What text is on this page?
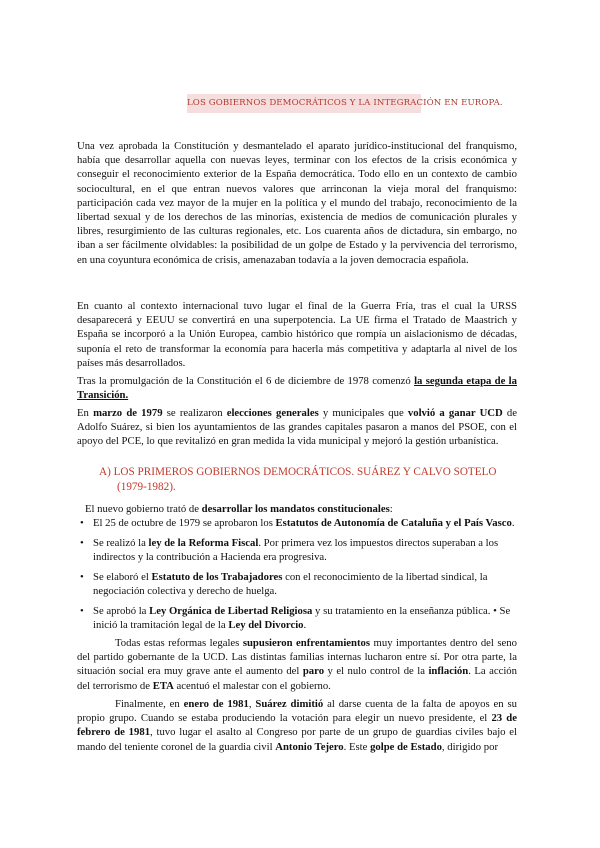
LOS GOBIERNOS DEMOCRÁTICOS Y LA INTEGRACIÓN EN EUROPA.

Una vez aprobada la Constitución y desmantelado el aparato jurídico-institucional del franquismo, había que desarrollar aquella con nuevas leyes, terminar con los efectos de la crisis económica y conseguir el reconocimiento exterior de la España democrática. Todo ello en un contexto de cambio sociocultural, en el que entran nuevos valores que arrinconan la vieja moral del franquismo: participación cada vez mayor de la mujer en la política y el mundo del trabajo, reconocimiento de la libertad sexual y de los derechos de las minorías, existencia de medios de comunicación plurales y libres, resurgimiento de las culturas regionales, etc. Los cuarenta años de dictadura, sin embargo, no iban a ser fácilmente olvidables: la posibilidad de un golpe de Estado y la pervivencia del terrorismo, en una coyuntura económica de crisis, amenazaban todavía a la joven democracia española.

En cuanto al contexto internacional tuvo lugar el final de la Guerra Fría, tras el cual la URSS desaparecerá y EEUU se convertirá en una superpotencia. La UE firma el Tratado de Maastrich y España se incorporó a la Unión Europea, cambio histórico que rompía un aislacionismo de décadas, suponía el reto de transformar la economía para hacerla más competitiva y adaptarla al nivel de los países más desarrollados.

Tras la promulgación de la Constitución el 6 de diciembre de 1978 comenzó la segunda etapa de la Transición.

En marzo de 1979 se realizaron elecciones generales y municipales que volvió a ganar UCD de Adolfo Suárez, si bien los ayuntamientos de las grandes capitales pasaron a manos del PSOE, con el apoyo del PCE, lo que revitalizó en gran medida la vida municipal y mejoró la gestión urbanística.

A) LOS PRIMEROS GOBIERNOS DEMOCRÁTICOS. SUÁREZ Y CALVO SOTELO
(1979-1982).

El nuevo gobierno trató de desarrollar los mandatos constitucionales:

• El 25 de octubre de 1979 se aprobaron los Estatutos de Autonomía de Cataluña y el País Vasco.
• Se realizó la ley de la Reforma Fiscal. Por primera vez los impuestos directos superaban a los indirectos y la contribución a Hacienda era progresiva.
• Se elaboró el Estatuto de los Trabajadores con el reconocimiento de la libertad sindical, la negociación colectiva y derecho de huelga.
• Se aprobó la Ley Orgánica de Libertad Religiosa y su tratamiento en la enseñanza pública. • Se inició la tramitación legal de la Ley del Divorcio.

Todas estas reformas legales supusieron enfrentamientos muy importantes dentro del seno del partido gobernante de la UCD. Las distintas familias internas lucharon entre sí. Por otra parte, la situación social era muy grave ante el aumento del paro y el nulo control de la inflación. La acción del terrorismo de ETA acentuó el malestar con el gobierno.

Finalmente, en enero de 1981, Suárez dimitió al darse cuenta de la falta de apoyos en su propio grupo. Cuando se estaba produciendo la votación para elegir un nuevo presidente, el 23 de febrero de 1981, tuvo lugar el asalto al Congreso por parte de un grupo de guardias civiles bajo el mando del teniente coronel de la guardia civil Antonio Tejero. Este golpe de Estado, dirigido por
